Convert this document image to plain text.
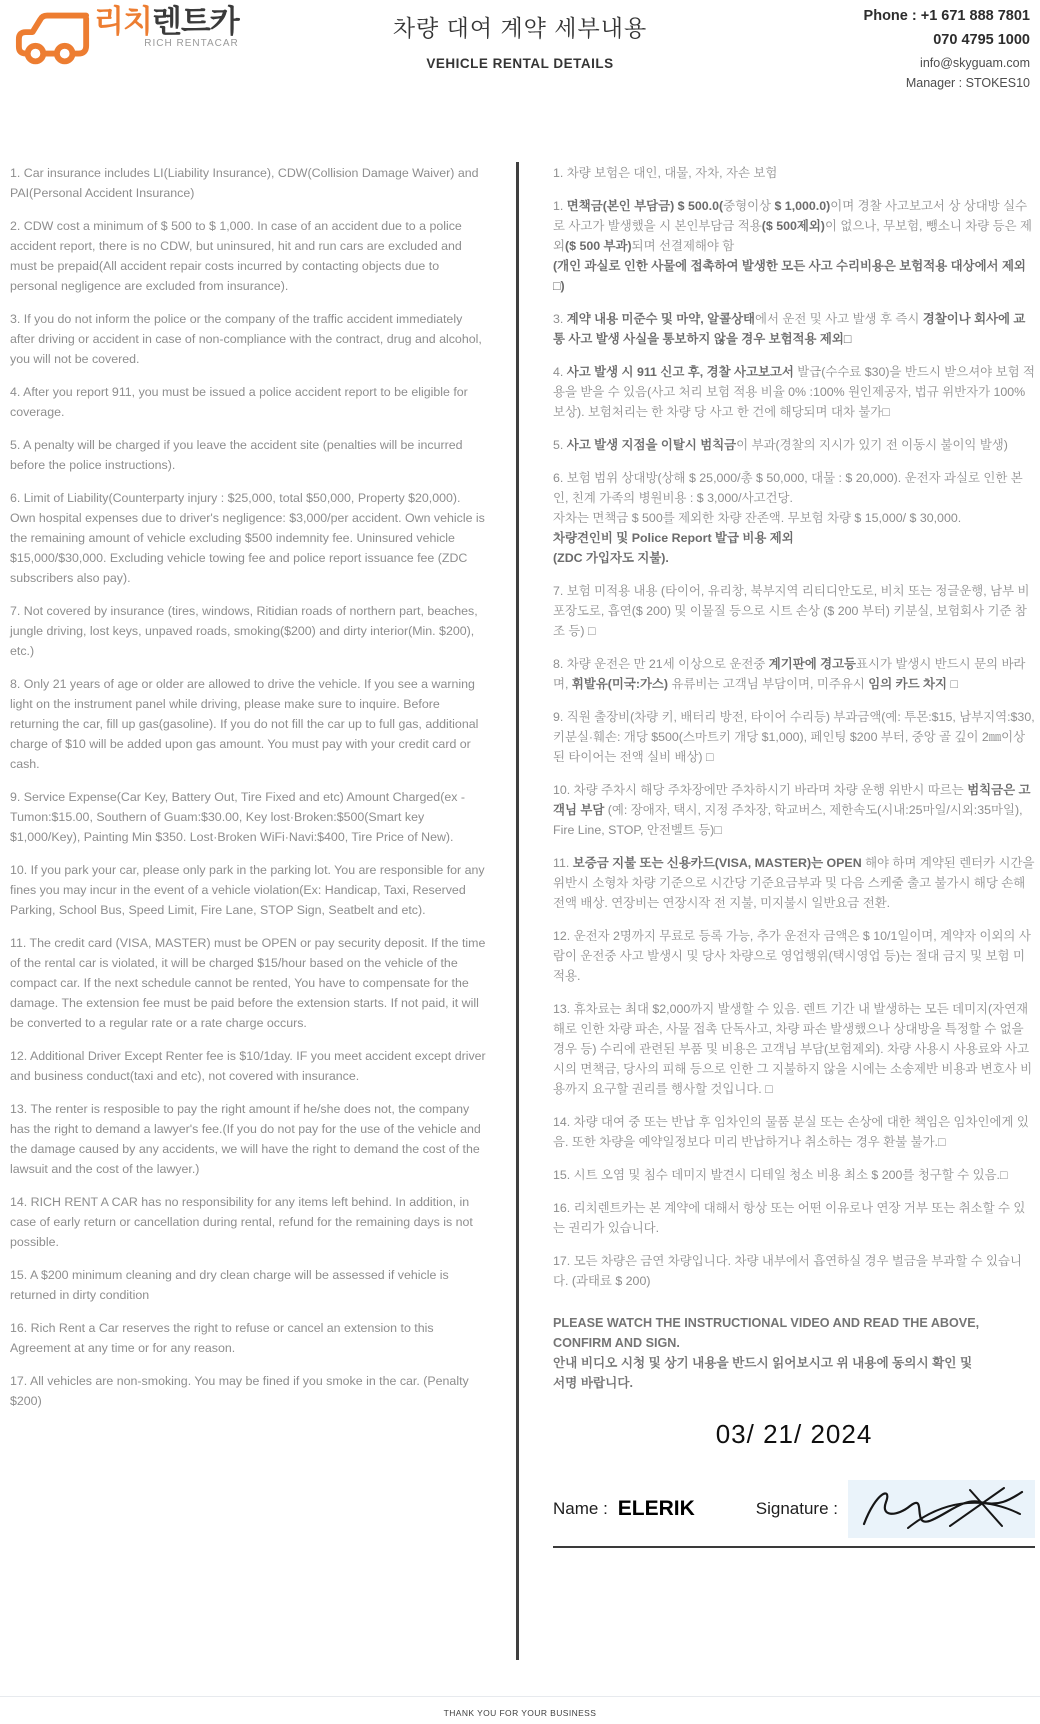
리치렌트카
RICH RENTACAR
차량 대여 계약 세부내용
VEHICLE RENTAL DETAILS
Phone : +1 671 888 7801
070 4795 1000
info@skyguam.com
Manager : STOKES10

1. Car insurance includes LI(Liability Insurance), CDW(Collision Damage Waiver) and PAI(Personal Accident Insurance)

2. CDW cost a minimum of $ 500 to $ 1,000. In case of an accident due to a police accident report, there is no CDW, but uninsured, hit and run cars are excluded and must be prepaid(All accident repair costs incurred by contacting objects due to personal negligence are excluded from insurance).

3. If you do not inform the police or the company of the traffic accident immediately after driving or accident in case of non-compliance with the contract, drug and alcohol, you will not be covered.

4. After you report 911, you must be issued a police accident report to be eligible for coverage.

5. A penalty will be charged if you leave the accident site (penalties will be incurred before the police instructions).

6. Limit of Liability(Counterparty injury : $25,000, total $50,000, Property $20,000). Own hospital expenses due to driver's negligence: $3,000/per accident. Own vehicle is the remaining amount of vehicle excluding $500 indemnity fee. Uninsured vehicle $15,000/$30,000. Excluding vehicle towing fee and police report issuance fee (ZDC subscribers also pay).

7. Not covered by insurance (tires, windows, Ritidian roads of northern part, beaches, jungle driving, lost keys, unpaved roads, smoking($200) and dirty interior(Min. $200), etc.)

8. Only 21 years of age or older are allowed to drive the vehicle. If you see a warning light on the instrument panel while driving, please make sure to inquire. Before returning the car, fill up gas(gasoline). If you do not fill the car up to full gas, additional charge of $10 will be added upon gas amount. You must pay with your credit card or cash.

9. Service Expense(Car Key, Battery Out, Tire Fixed and etc) Amount Charged(ex -Tumon:$15.00, Southern of Guam:$30.00, Key lost·Broken:$500(Smart key $1,000/Key), Painting Min $350. Lost·Broken WiFi·Navi:$400, Tire Price of New).

10. If you park your car, please only park in the parking lot. You are responsible for any fines you may incur in the event of a vehicle violation(Ex: Handicap, Taxi, Reserved Parking, School Bus, Speed Limit, Fire Lane, STOP Sign, Seatbelt and etc).

11. The credit card (VISA, MASTER) must be OPEN or pay security deposit. If the time of the rental car is violated, it will be charged $15/hour based on the vehicle of the compact car. If the next schedule cannot be rented, You have to compensate for the damage. The extension fee must be paid before the extension starts. If not paid, it will be converted to a regular rate or a rate charge occurs.

12. Additional Driver Except Renter fee is $10/1day. IF you meet accident except driver and business conduct(taxi and etc), not covered with insurance.

13. The renter is resposible to pay the right amount if he/she does not, the company has the right to demand a lawyer's fee.(If you do not pay for the use of the vehicle and the damage caused by any accidents, we will have the right to demand the cost of the lawsuit and the cost of the lawyer.)

14. RICH RENT A CAR has no responsibility for any items left behind. In addition, in case of early return or cancellation during rental, refund for the remaining days is not possible.

15. A $200 minimum cleaning and dry clean charge will be assessed if vehicle is returned in dirty condition

16. Rich Rent a Car reserves the right to refuse or cancel an extension to this Agreement at any time or for any reason.

17. All vehicles are non-smoking. You may be fined if you smoke in the car. (Penalty $200)

1. 차량 보험은 대인, 대물, 자차, 자손 보험

1. 면책금(본인 부담금) $ 500.0(중형이상 $ 1,000.0)이며 경찰 사고보고서 상 상대방 실수로 사고가 발생했을 시 본인부담금 적용($ 500제외)이 없으나, 무보험, 뺑소니 차량 등은 제외($ 500 부과)되며 선결제해야 함
(개인 과실로 인한 사물에 접촉하여 발생한 모든 사고 수리비용은 보험적용 대상에서 제외 □)

3. 계약 내용 미준수 및 마약, 알콜상태에서 운전 및 사고 발생 후 즉시 경찰이나 회사에 교통 사고 발생 사실을 통보하지 않을 경우 보험적용 제외□

4. 사고 발생 시 911 신고 후, 경찰 사고보고서 발급(수수료 $30)을 반드시 받으셔야 보험 적용을 받을 수 있음(사고 처리 보험 적용 비율 0% :100% 원인제공자, 법규 위반자가 100% 보상). 보험처리는 한 차량 당 사고 한 건에 해당되며 대차 불가□

5. 사고 발생 지점을 이탈시 범칙금이 부과(경찰의 지시가 있기 전 이동시 불이익 발생)

6. 보험 범위 상대방(상해 $ 25,000/총 $ 50,000, 대물 : $ 20,000). 운전자 과실로 인한 본인, 친계 가족의 병원비용 : $ 3,000/사고건당.
자차는 면책금 $ 500를 제외한 차량 잔존액. 무보험 차량 $ 15,000/ $ 30,000.
차량견인비 및 Police Report 발급 비용 제외
(ZDC 가입자도 지불).

7. 보험 미적용 내용 (타이어, 유리창, 북부지역 리티디안도로, 비치 또는 정글운행, 남부 비포장도로, 흡연($ 200) 및 이물질 등으로 시트 손상 ($ 200 부터) 키분실, 보험회사 기준 참조 등) □

8. 차량 운전은 만 21세 이상으로 운전중 계기판에 경고등표시가 발생시 반드시 문의 바라며, 휘발유(미국:가스) 유류비는 고객님 부담이며, 미주유시 임의 카드 차지 □

9. 직원 출장비(차량 키, 배터리 방전, 타이어 수리등) 부과금액(예: 투몬:$15, 남부지역:$30, 키분실·훼손: 개당 $500(스마트키 개당 $1,000), 페인팅 $200 부터, 중앙 골 깊이 2㎜이상 된 타이어는 전액 실비 배상) □

10. 차량 주차시 해당 주차장에만 주차하시기 바라며 차량 운행 위반시 따르는 범칙금은 고객님 부담 (예: 장애자, 택시, 지정 주차장, 학교버스, 제한속도(시내:25마일/시외:35마일), Fire Line, STOP, 안전벨트 등)□

11. 보증금 지불 또는 신용카드(VISA, MASTER)는 OPEN 해야 하며 계약된 렌터카 시간을 위반시 소형차 차량 기준으로 시간당 기준요금부과 및 다음 스케줄 출고 불가시 해당 손해 전액 배상. 연장비는 연장시작 전 지불, 미지불시 일반요금 전환.

12. 운전자 2명까지 무료로 등록 가능, 추가 운전자 금액은 $ 10/1일이며, 계약자 이외의 사람이 운전중 사고 발생시 및 당사 차량으로 영업행위(택시영업 등)는 절대 금지 및 보험 미적용.

13. 휴차료는 최대 $2,000까지 발생할 수 있음. 렌트 기간 내 발생하는 모든 데미지(자연재해로 인한 차량 파손, 사물 접촉 단독사고, 차량 파손 발생했으나 상대방을 특정할 수 없을 경우 등) 수리에 관련된 부품 및 비용은 고객님 부담(보험제외). 차량 사용시 사용료와 사고시의 면책금, 당사의 피해 등으로 인한 그 지불하지 않을 시에는 소송제반 비용과 변호사 비용까지 요구할 권리를 행사할 것입니다. □

14. 차량 대여 중 또는 반납 후 임차인의 물품 분실 또는 손상에 대한 책임은 임차인에게 있음. 또한 차량을 예약일정보다 미리 반납하거나 취소하는 경우 환불 불가.□

15. 시트 오염 및 침수 데미지 발견시 디테일 청소 비용 최소 $ 200를 청구할 수 있음.□

16. 리치렌트카는 본 계약에 대해서 항상 또는 어떤 이유로나 연장 거부 또는 취소할 수 있는 권리가 있습니다.

17. 모든 차량은 금연 차량입니다. 차량 내부에서 흡연하실 경우 벌금을 부과할 수 있습니다. (과태료 $ 200)

PLEASE WATCH THE INSTRUCTIONAL VIDEO AND READ THE ABOVE,
CONFIRM AND SIGN.
안내 비디오 시청 및 상기 내용을 반드시 읽어보시고 위 내용에 동의시 확인 및
서명 바랍니다.
03/ 21/ 2024
Name : ELERIK	Signature :
THANK YOU FOR YOUR BUSINESS
